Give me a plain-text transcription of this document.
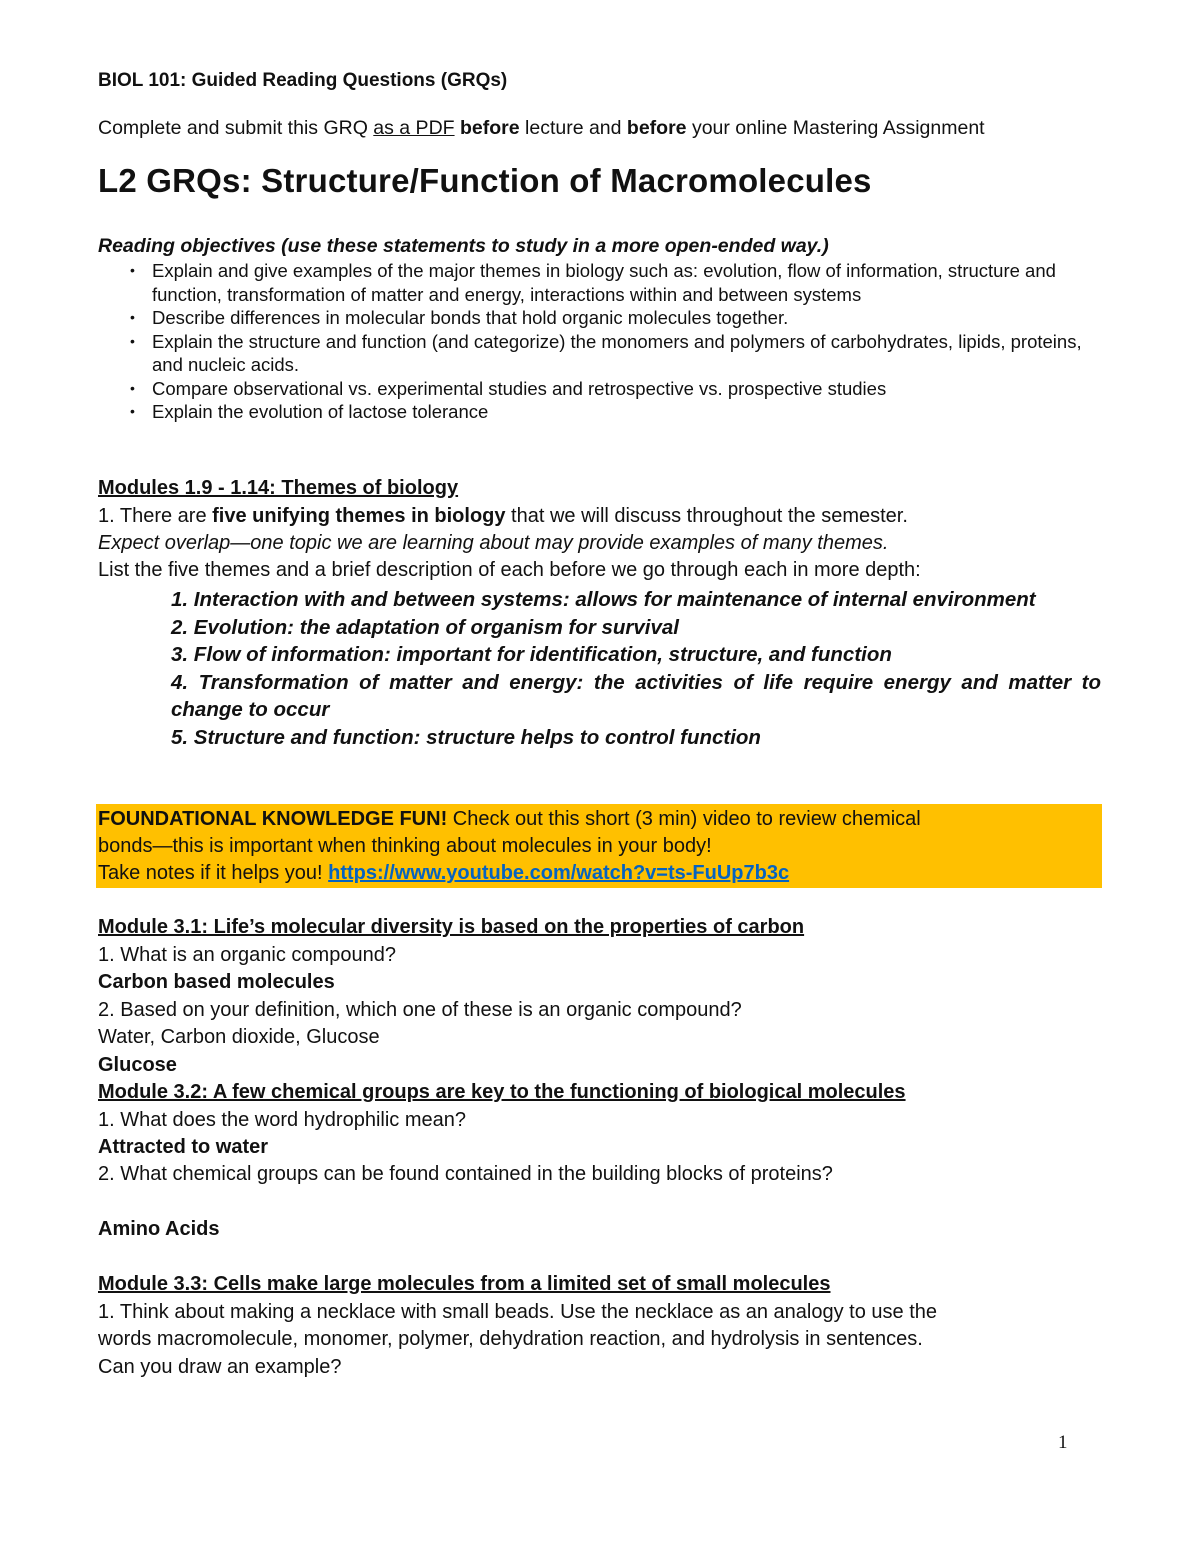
BIOL 101: Guided Reading Questions (GRQs)
Complete and submit this GRQ as a PDF before lecture and before your online Mastering Assignment
L2 GRQs: Structure/Function of Macromolecules
Reading objectives (use these statements to study in a more open-ended way.)
• Explain and give examples of the major themes in biology such as: evolution, flow of information, structure and function, transformation of matter and energy, interactions within and between systems
• Describe differences in molecular bonds that hold organic molecules together.
• Explain the structure and function (and categorize) the monomers and polymers of carbohydrates, lipids, proteins, and nucleic acids.
• Compare observational vs. experimental studies and retrospective vs. prospective studies
• Explain the evolution of lactose tolerance
Modules 1.9 - 1.14: Themes of biology
1. There are five unifying themes in biology that we will discuss throughout the semester.
Expect overlap—one topic we are learning about may provide examples of many themes.
List the five themes and a brief description of each before we go through each in more depth:
1. Interaction with and between systems: allows for maintenance of internal environment
2. Evolution: the adaptation of organism for survival
3. Flow of information: important for identification, structure, and function
4. Transformation of matter and energy: the activities of life require energy and matter to change to occur
5. Structure and function: structure helps to control function
FOUNDATIONAL KNOWLEDGE FUN! Check out this short (3 min) video to review chemical
bonds—this is important when thinking about molecules in your body!
Take notes if it helps you! https://www.youtube.com/watch?v=ts-FuUp7b3c
Module 3.1: Life’s molecular diversity is based on the properties of carbon
1. What is an organic compound?
Carbon based molecules
2. Based on your definition, which one of these is an organic compound?
Water, Carbon dioxide, Glucose
Glucose
Module 3.2: A few chemical groups are key to the functioning of biological molecules
1. What does the word hydrophilic mean?
Attracted to water
2. What chemical groups can be found contained in the building blocks of proteins?
Amino Acids
Module 3.3: Cells make large molecules from a limited set of small molecules
1. Think about making a necklace with small beads. Use the necklace as an analogy to use the
words macromolecule, monomer, polymer, dehydration reaction, and hydrolysis in sentences.
Can you draw an example?
1
